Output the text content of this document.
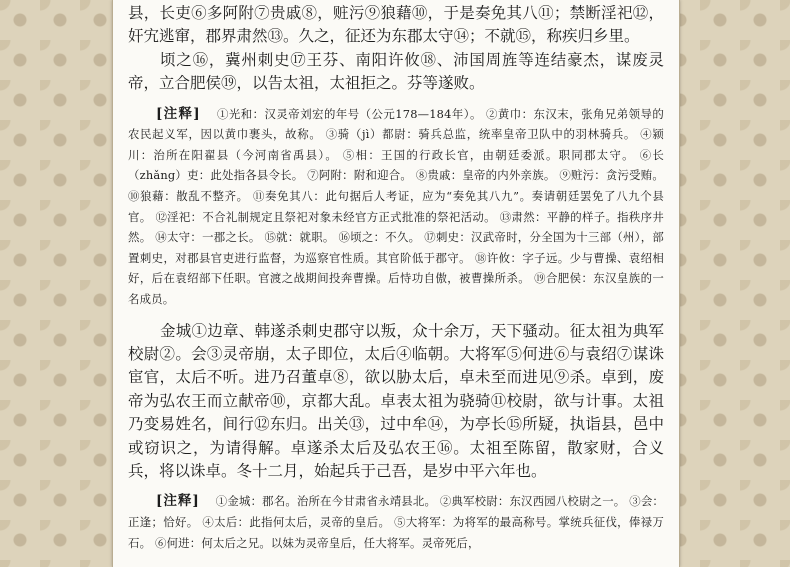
县，长吏⑥多阿附⑦贵戚⑧，赃污⑨狼藉⑩，于是奏免其八⑪；禁断淫祀⑫，奸宄逃窜，郡界肃然⑬。久之，征还为东郡太守⑭；不就⑮，称疾归乡里。

顷之⑯，冀州刺史⑰王芬、南阳许攸⑱、沛国周旌等连结豪杰，谋废灵帝，立合肥侯⑲，以告太祖，太祖拒之。芬等遂败。

[注释] ①光和：汉灵帝刘宏的年号（公元178—184年）。 ②黄巾：东汉末，张角兄弟领导的农民起义军，因以黄巾裹头，故称。 ③骑（jì）都尉：骑兵总监，统率皇帝卫队中的羽林骑兵。 ④颍川：治所在阳翟县（今河南省禹县）。 ⑤相：王国的行政长官，由朝廷委派。职同郡太守。 ⑥长（zhǎng）吏：此处指各县令长。 ⑦阿附：附和迎合。 ⑧贵戚：皇帝的内外亲族。 ⑨赃污：贪污受贿。 ⑩狼藉：散乱不整齐。 ⑪奏免其八：此句据后人考证，应为“奏免其八九”。奏请朝廷罢免了八九个县官。 ⑫淫祀：不合礼制规定且祭祀对象未经官方正式批准的祭祀活动。 ⑬肃然：平静的样子。指秩序井然。 ⑭太守：一郡之长。 ⑮就：就职。 ⑯顷之：不久。 ⑰刺史：汉武帝时，分全国为十三部（州），部置刺史，对郡县官吏进行监督，为巡察官性质。其官阶低于郡守。 ⑱许攸：字子远。少与曹操、袁绍相好，后在袁绍部下任职。官渡之战期间投奔曹操。后恃功自傲，被曹操所杀。 ⑲合肥侯：东汉皇族的一名成员。

金城①边章、韩遂杀刺史郡守以叛，众十余万，天下骚动。征太祖为典军校尉②。会③灵帝崩，太子即位，太后④临朝。大将军⑤何进⑥与袁绍⑦谋诛宦官，太后不听。进乃召董卓⑧，欲以胁太后，卓未至而进见⑨杀。卓到，废帝为弘农王而立献帝⑩，京都大乱。卓表太祖为骁骑⑪校尉，欲与计事。太祖乃变易姓名，间行⑫东归。出关⑬，过中牟⑭，为亭长⑮所疑，执诣县，邑中或窃识之，为请得解。卓遂杀太后及弘农王⑯。太祖至陈留，散家财，合义兵，将以诛卓。冬十二月，始起兵于己吾，是岁中平六年也。

[注释] ①金城：郡名。治所在今甘肃省永靖县北。 ②典军校尉：东汉西园八校尉之一。 ③会：正逢；恰好。 ④太后：此指何太后，灵帝的皇后。 ⑤大将军：为将军的最高称号。掌统兵征伐，俸禄万石。 ⑥何进：何太后之兄。以妹为灵帝皇后，任大将军。灵帝死后，
